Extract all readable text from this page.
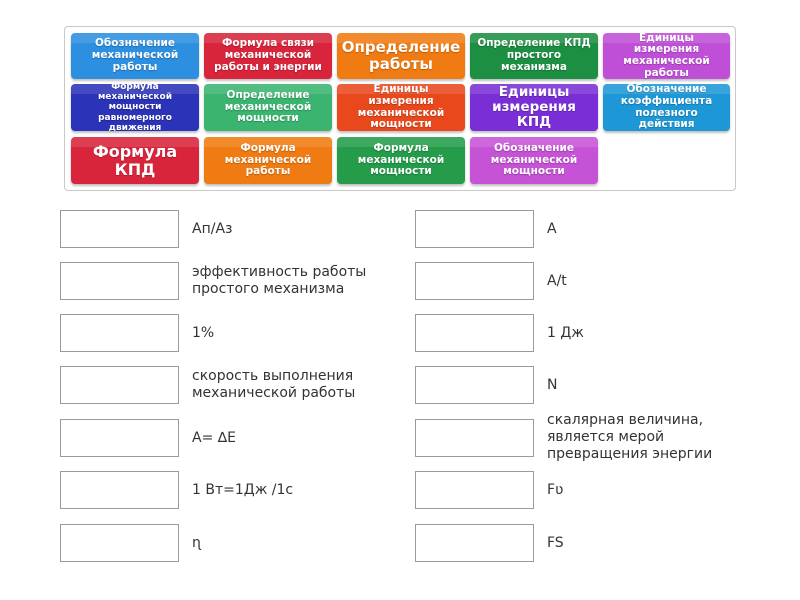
Обозначение механической работы
Формула связи механической работы и энергии
Определение работы
Определение КПД простого механизма
Единицы измерения механической работы
Формула механической мощности равномерного движения
Определение механической мощности
Единицы измерения механической мощности
Единицы измерения КПД
Обозначение коэффициента полезного действия
Формула КПД
Формула механической работы
Формула механической мощности
Обозначение механической мощности
Ап/Аз
эффективность работы
простого механизма
1%
скорость выполнения
механической работы
А= ∆Е
1 Вт=1Дж /1с
ɳ
A
A/t
1 Дж
N
скалярная величина,
является мерой
превращения энергии
Fʋ
FS
